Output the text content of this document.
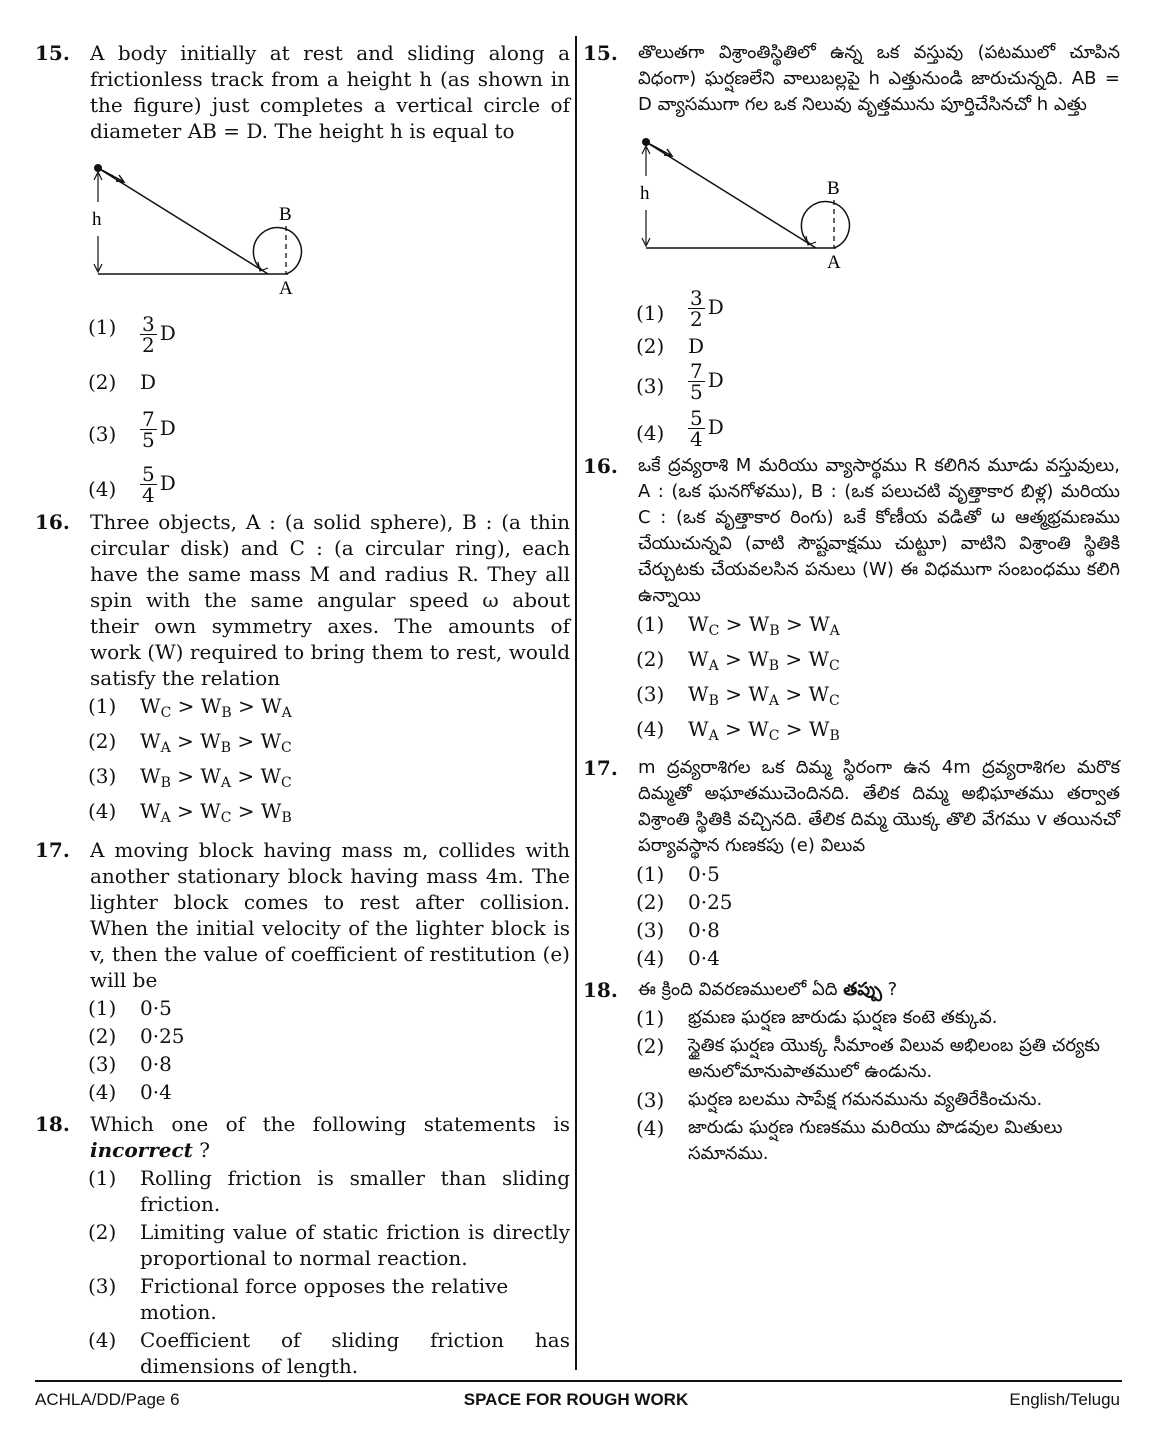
15. A body initially at rest and sliding along a frictionless track from a height h (as shown in the figure) just completes a vertical circle of diameter AB = D. The height h is equal to
h	B
A
$(1) \frac{3}{2}$ D
(2) D
$(3) \frac{7}{5}$ D
$(4) \frac{5}{4}$ D
16. Three objects, A : (a solid sphere), B : (a thin circular disk) and C : (a circular ring), each have the same mass M and radius R. They all spin with the same angular speed ω about their own symmetry axes. The amounts of work (W) required to bring them to rest, would satisfy the relation
(1) $W_C > W_B > W_A$
(2) $W_A > W_B > W_C$
(3) $W_B > W_A > W_C$
(4) $W_A > W_C > W_B$
17. A moving block having mass m, collides with another stationary block having mass 4m. The lighter block comes to rest after collision. When the initial velocity of the lighter block is v, then the value of coefficient of restitution (e) will be
(1) 0·5
(2) 0·25
(3) 0·8
(4) 0·4
18. Which one of the following statements is incorrect ?
(1) Rolling friction is smaller than sliding friction.
(2) Limiting value of static friction is directly proportional to normal reaction.
(3) Frictional force opposes the relative motion.
(4) Coefficient of sliding friction has dimensions of length.
15. తొలుతగా విశ్రాంతిస్థితిలో ఉన్న ఒక వస్తువు (పటములో చూపిన విధంగా) ఘర్షణలేని వాలుబల్లపై h ఎత్తునుండి జారుచున్నది. AB = D వ్యాసముగా గల ఒక నిలువు వృత్తమును పూర్తిచేసినచో h ఎత్తు
h	B
A
$(1) \frac{3}{2}$ D
(2) D
$(3) \frac{7}{5}$ D
$(4) \frac{5}{4}$ D
16. ఒకే ద్రవ్యరాశి M మరియు వ్యాసార్థము R కలిగిన మూడు వస్తువులు, A : (ఒక ఘనగోళము), B : (ఒక పలుచటి వృత్తాకార బిళ్ల) మరియు C : (ఒక వృత్తాకార రింగు) ఒకే కోణీయ వడితో ω ఆత్మభ్రమణము చేయుచున్నవి (వాటి సౌష్టవాక్షము చుట్టూ) వాటిని విశ్రాంతి స్థితికి చేర్చుటకు చేయవలసిన పనులు (W) ఈ విధముగా సంబంధము కలిగి ఉన్నాయి
(1) $W_C > W_B > W_A$
(2) $W_A > W_B > W_C$
(3) $W_B > W_A > W_C$
(4) $W_A > W_C > W_B$
17. m ద్రవ్యరాశిగల ఒక దిమ్మ స్థిరంగా ఉన 4m ద్రవ్యరాశిగల మరొక దిమ్మతో అఘాతముచెందినది. తేలిక దిమ్మ అభిఘాతము తర్వాత విశ్రాంతి స్థితికి వచ్చినది. తేలిక దిమ్మ యొక్క తొలి వేగము v తయినచో పర్యావస్థాన గుణకపు (e) విలువ
(1) 0·5
(2) 0·25
(3) 0·8
(4) 0·4
18. ఈ క్రింది వివరణములలో ఏది తప్పు ?
(1) భ్రమణ ఘర్షణ జారుడు ఘర్షణ కంటె తక్కువ.
(2) స్థైతిక ఘర్షణ యొక్క సీమాంత విలువ అభిలంబ ప్రతి చర్యకు అనులోమానుపాతములో ఉండును.
(3) ఘర్షణ బలము సాపేక్ష గమనమును వ్యతిరేకించును.
(4) జారుడు ఘర్షణ గుణకము మరియు పొడవుల మితులు సమానము.
ACHLA/DD/Page 6	SPACE FOR ROUGH WORK	English/Telugu
